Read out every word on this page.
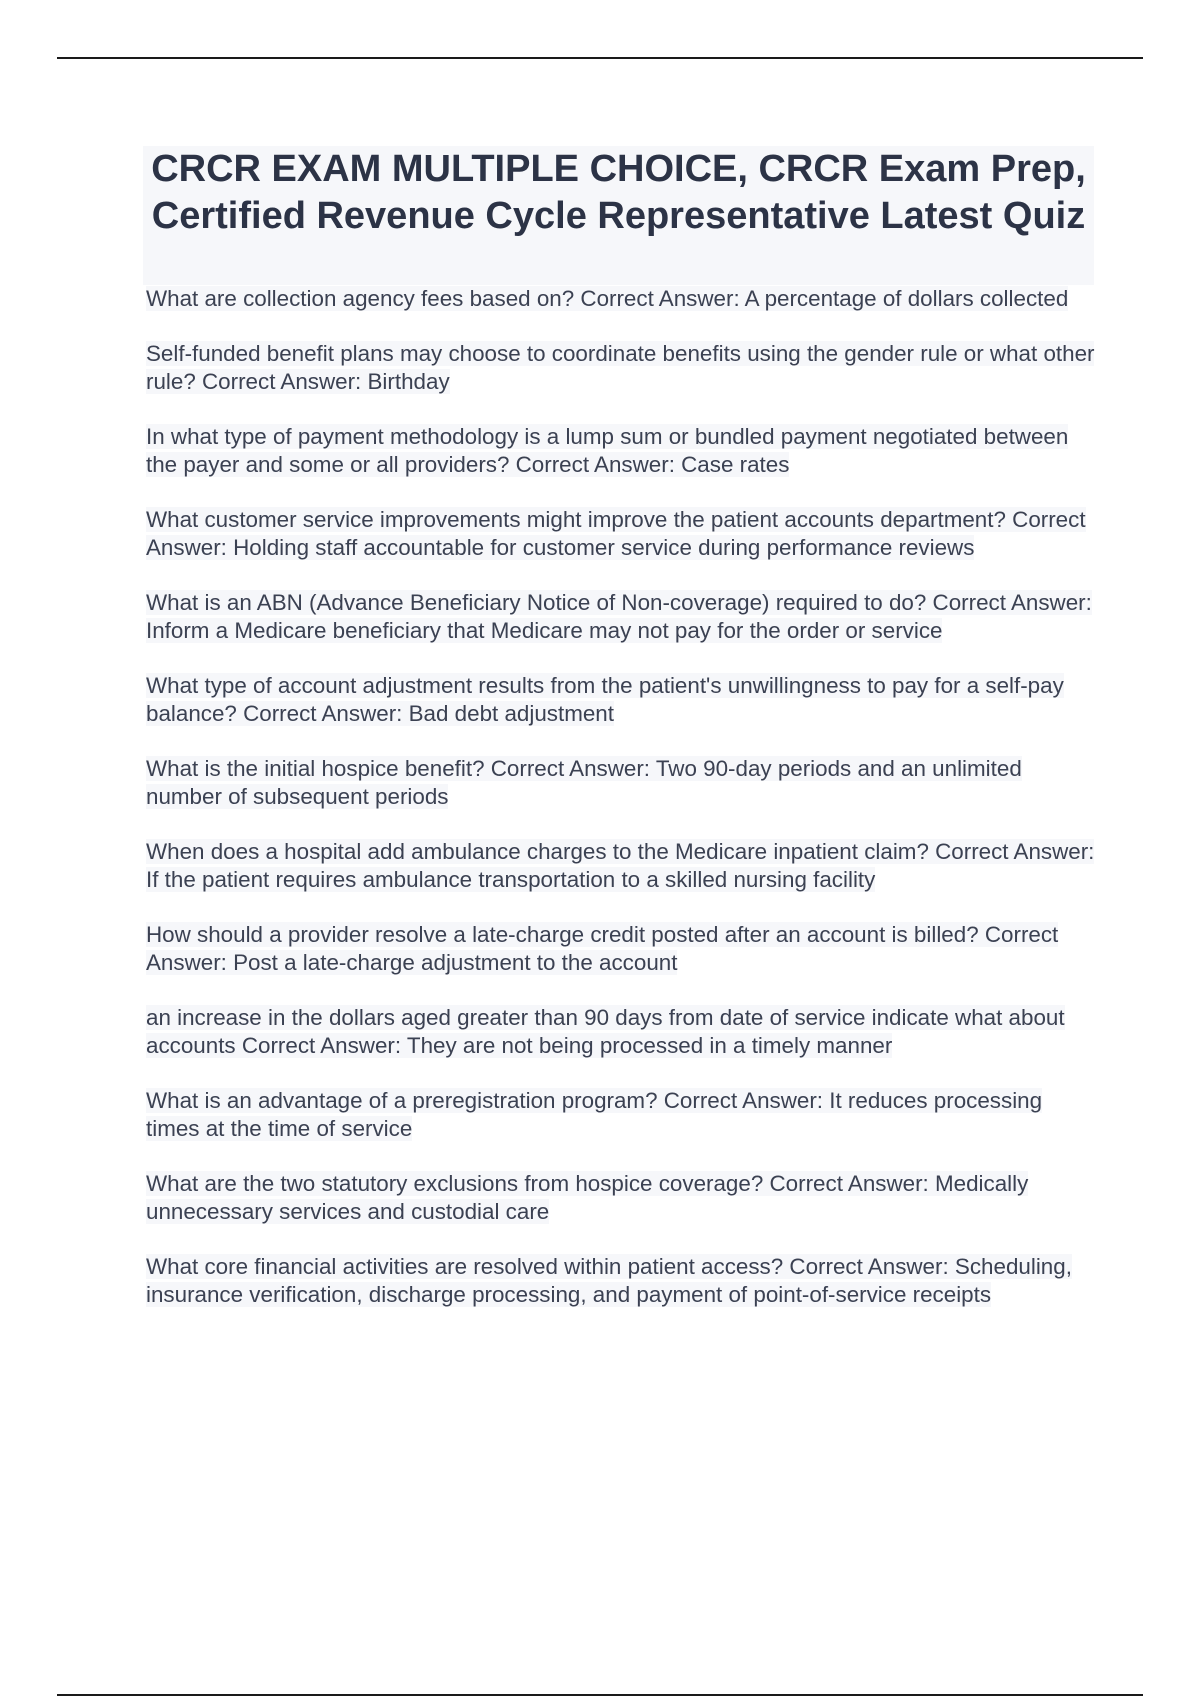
CRCR EXAM MULTIPLE CHOICE, CRCR Exam Prep, Certified Revenue Cycle Representative Latest Quiz

What are collection agency fees based on? Correct Answer: A percentage of dollars collected

Self-funded benefit plans may choose to coordinate benefits using the gender rule or what other rule? Correct Answer: Birthday

In what type of payment methodology is a lump sum or bundled payment negotiated between the payer and some or all providers? Correct Answer: Case rates

What customer service improvements might improve the patient accounts department? Correct Answer: Holding staff accountable for customer service during performance reviews

What is an ABN (Advance Beneficiary Notice of Non-coverage) required to do? Correct Answer: Inform a Medicare beneficiary that Medicare may not pay for the order or service

What type of account adjustment results from the patient's unwillingness to pay for a self-pay balance? Correct Answer: Bad debt adjustment

What is the initial hospice benefit? Correct Answer: Two 90-day periods and an unlimited number of subsequent periods

When does a hospital add ambulance charges to the Medicare inpatient claim? Correct Answer: If the patient requires ambulance transportation to a skilled nursing facility

How should a provider resolve a late-charge credit posted after an account is billed? Correct Answer: Post a late-charge adjustment to the account

an increase in the dollars aged greater than 90 days from date of service indicate what about accounts Correct Answer: They are not being processed in a timely manner

What is an advantage of a preregistration program? Correct Answer: It reduces processing times at the time of service

What are the two statutory exclusions from hospice coverage? Correct Answer: Medically unnecessary services and custodial care

What core financial activities are resolved within patient access? Correct Answer: Scheduling, insurance verification, discharge processing, and payment of point-of-service receipts
